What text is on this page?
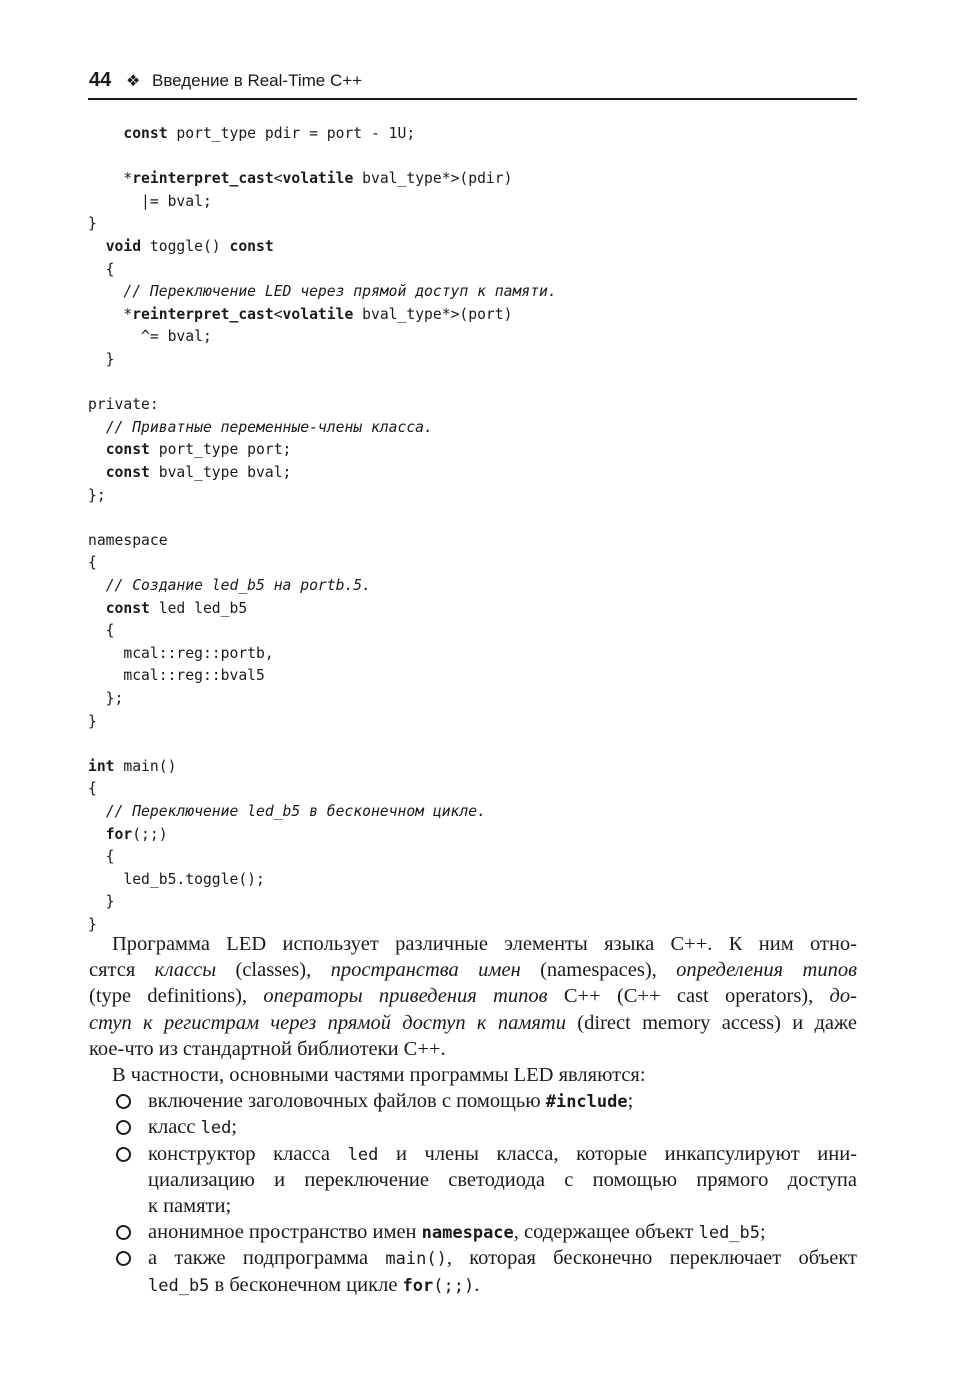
44 ❖ Введение в Real-Time C++
const port_type pdir = port - 1U;
*reinterpret_cast<volatile bval_type*>(pdir)
|= bval;
}
void toggle() const
{
// Переключение LED через прямой доступ к памяти.
*reinterpret_cast<volatile bval_type*>(port)
^= bval;
}
private:
// Приватные переменные-члены класса.
const port_type port;
const bval_type bval;
};
namespace
{
// Создание led_b5 на portb.5.
const led led_b5
{
mcal::reg::portb,
mcal::reg::bval5
};
}
int main()
{
// Переключение led_b5 в бесконечном цикле.
for(;;)
{
led_b5.toggle();
}
}
Программа LED использует различные элементы языка C++. К ним отно-
сятся классы (classes), пространства имен (namespaces), определения типов
(type definitions), операторы приведения типов C++ (C++ cast operators), до-
ступ к регистрам через прямой доступ к памяти (direct memory access) и даже
кое-что из стандартной библиотеки C++.
В частности, основными частями программы LED являются:
включение заголовочных файлов с помощью #include;
класс led;
конструктор класса led и члены класса, которые инкапсулируют ини-
циализацию и переключение светодиода с помощью прямого доступа
к памяти;
анонимное пространство имен namespace, содержащее объект led_b5;
а также подпрограмма main(), которая бесконечно переключает объект
led_b5 в бесконечном цикле for(;;).
